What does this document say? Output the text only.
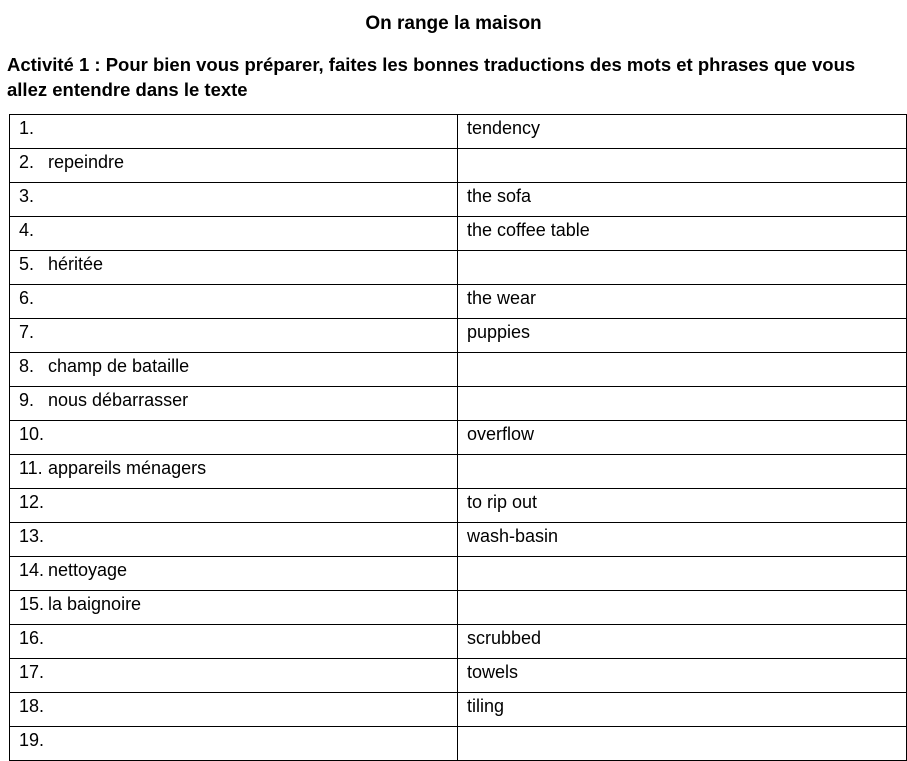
On range la maison
Activité 1 : Pour bien vous préparer, faites les bonnes traductions des mots et phrases que vous allez entendre dans le texte
1.	tendency
2. repeindre	
3.	the sofa
4.	the coffee table
5. héritée	
6.	the wear
7.	puppies
8. champ de bataille	
9. nous débarrasser	
10.	overflow
11. appareils ménagers	
12.	to rip out
13.	wash-basin
14. nettoyage	
15. la baignoire	
16.	scrubbed
17.	towels
18.	tiling
19.	
